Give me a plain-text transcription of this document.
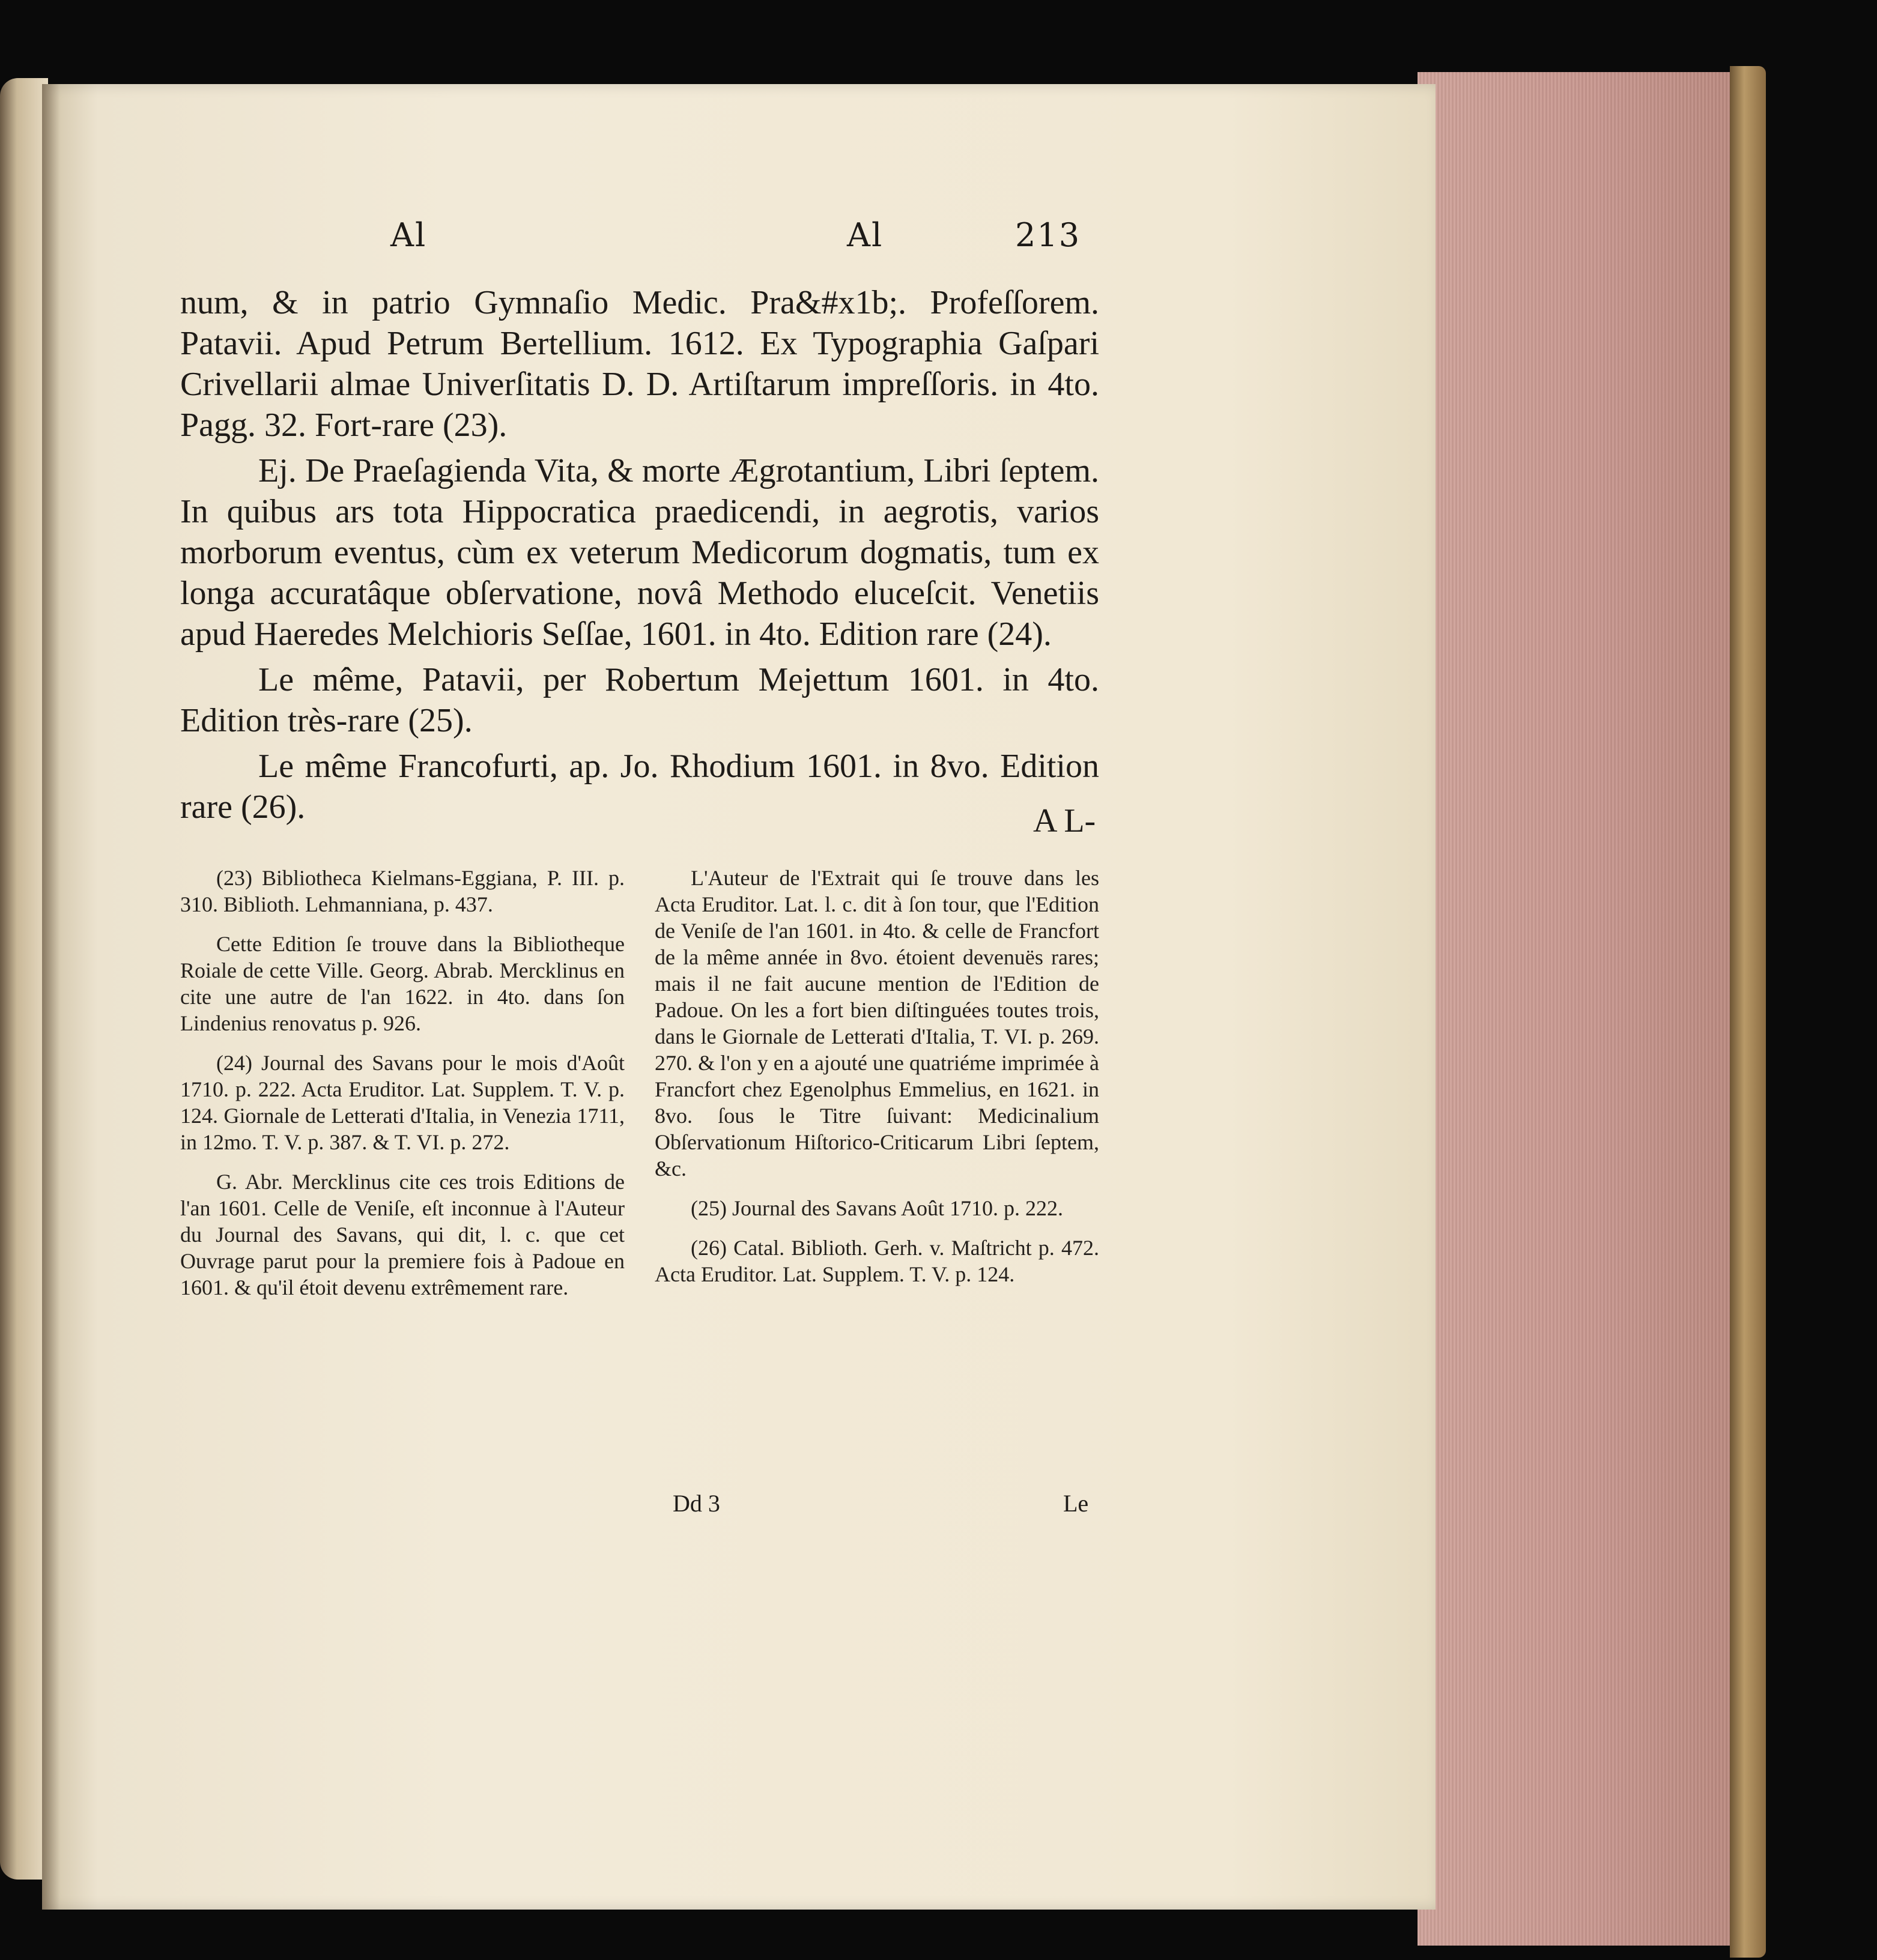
Al	Al	213

num, & in patrio Gymnaſio Medic. Pra&#x1b;. Profeſſorem. Patavii. Apud Petrum Bertellium. 1612. Ex Typographia Gaſpari Crivellarii almae Univerſitatis D. D. Artiſtarum impreſſoris. in 4to. Pagg. 32. Fort-rare (23).

Ej. De Praeſagienda Vita, & morte Ægrotantium, Libri ſeptem. In quibus ars tota Hippocratica praedicendi, in aegrotis, varios morborum eventus, cùm ex veterum Medicorum dogmatis, tum ex longa accuratâque obſervatione, novâ Methodo eluceſcit. Venetiis apud Haeredes Melchioris Seſſae, 1601. in 4to. Edition rare (24).

Le même, Patavii, per Robertum Mejettum 1601. in 4to. Edition très-rare (25).

Le même Francofurti, ap. Jo. Rhodium 1601. in 8vo. Edition rare (26).	A L-

(23) Bibliotheca Kielmans-Eggiana, P. III. p. 310. Biblioth. Lehmanniana, p. 437.

Cette Edition ſe trouve dans la Bibliotheque Roiale de cette Ville. Georg. Abrab. Mercklinus en cite une autre de l'an 1622. in 4to. dans ſon Lindenius renovatus p. 926.

(24) Journal des Savans pour le mois d'Août 1710. p. 222. Acta Eruditor. Lat. Supplem. T. V. p. 124. Giornale de Letterati d'Italia, in Venezia 1711, in 12mo. T. V. p. 387. & T. VI. p. 272.

G. Abr. Mercklinus cite ces trois Editions de l'an 1601. Celle de Veniſe, eſt inconnue à l'Auteur du Journal des Savans, qui dit, l. c. que cet Ouvrage parut pour la premiere fois à Padoue en 1601. & qu'il étoit devenu extrêmement rare.

L'Auteur de l'Extrait qui ſe trouve dans les Acta Eruditor. Lat. l. c. dit à ſon tour, que l'Edition de Veniſe de l'an 1601. in 4to. & celle de Francfort de la même année in 8vo. étoient devenuës rares; mais il ne fait aucune mention de l'Edition de Padoue. On les a fort bien diſtinguées toutes trois, dans le Giornale de Letterati d'Italia, T. VI. p. 269. 270. & l'on y en a ajouté une quatriéme imprimée à Francfort chez Egenolphus Emmelius, en 1621. in 8vo. ſous le Titre ſuivant: Medicinalium Obſervationum Hiſtorico-Criticarum Libri ſeptem, &c.

(25) Journal des Savans Août 1710. p. 222.

(26) Catal. Biblioth. Gerh. v. Maſtricht p. 472. Acta Eruditor. Lat. Supplem. T. V. p. 124.

Dd 3	Le
